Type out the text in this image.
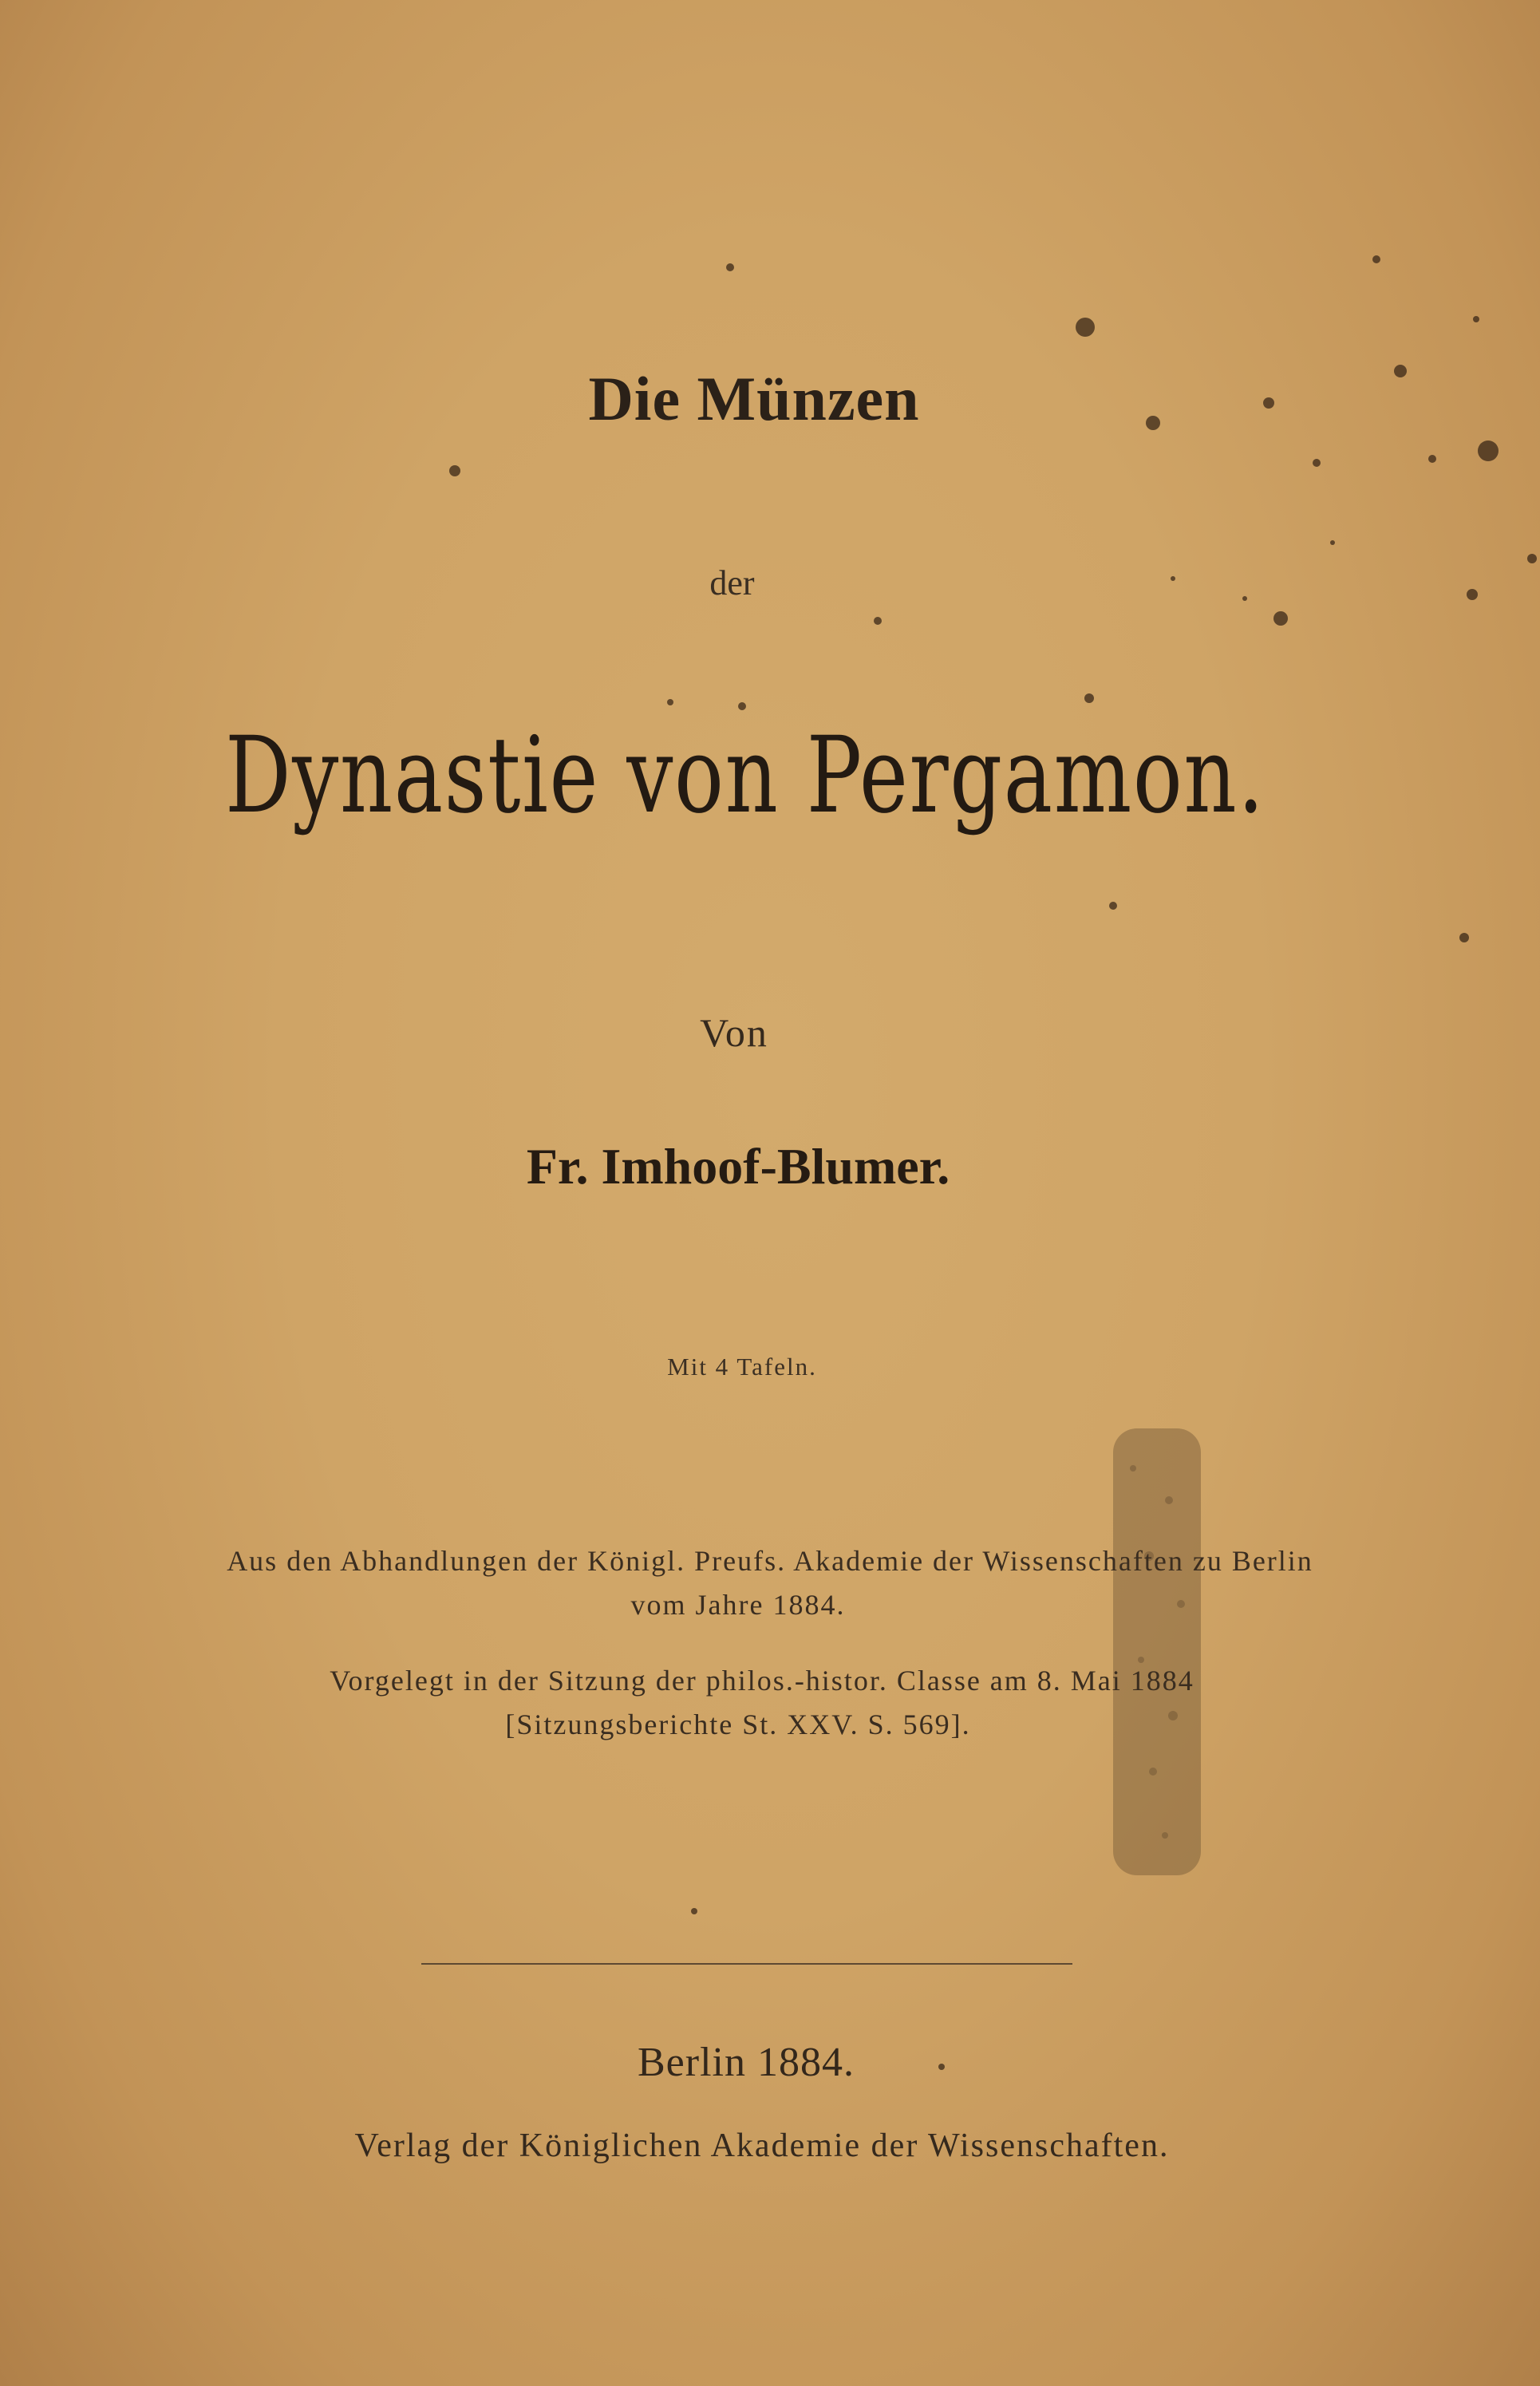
Die Münzen
der
Dynastie von Pergamon.
Von
Fr. Imhoof-Blumer.
Mit 4 Tafeln.
Aus den Abhandlungen der Königl. Preufs. Akademie der Wissenschaften zu Berlin
vom Jahre 1884.
Vorgelegt in der Sitzung der philos.-histor. Classe am 8. Mai 1884
[Sitzungsberichte St. XXV. S. 569].
Berlin 1884.
Verlag der Königlichen Akademie der Wissenschaften.
